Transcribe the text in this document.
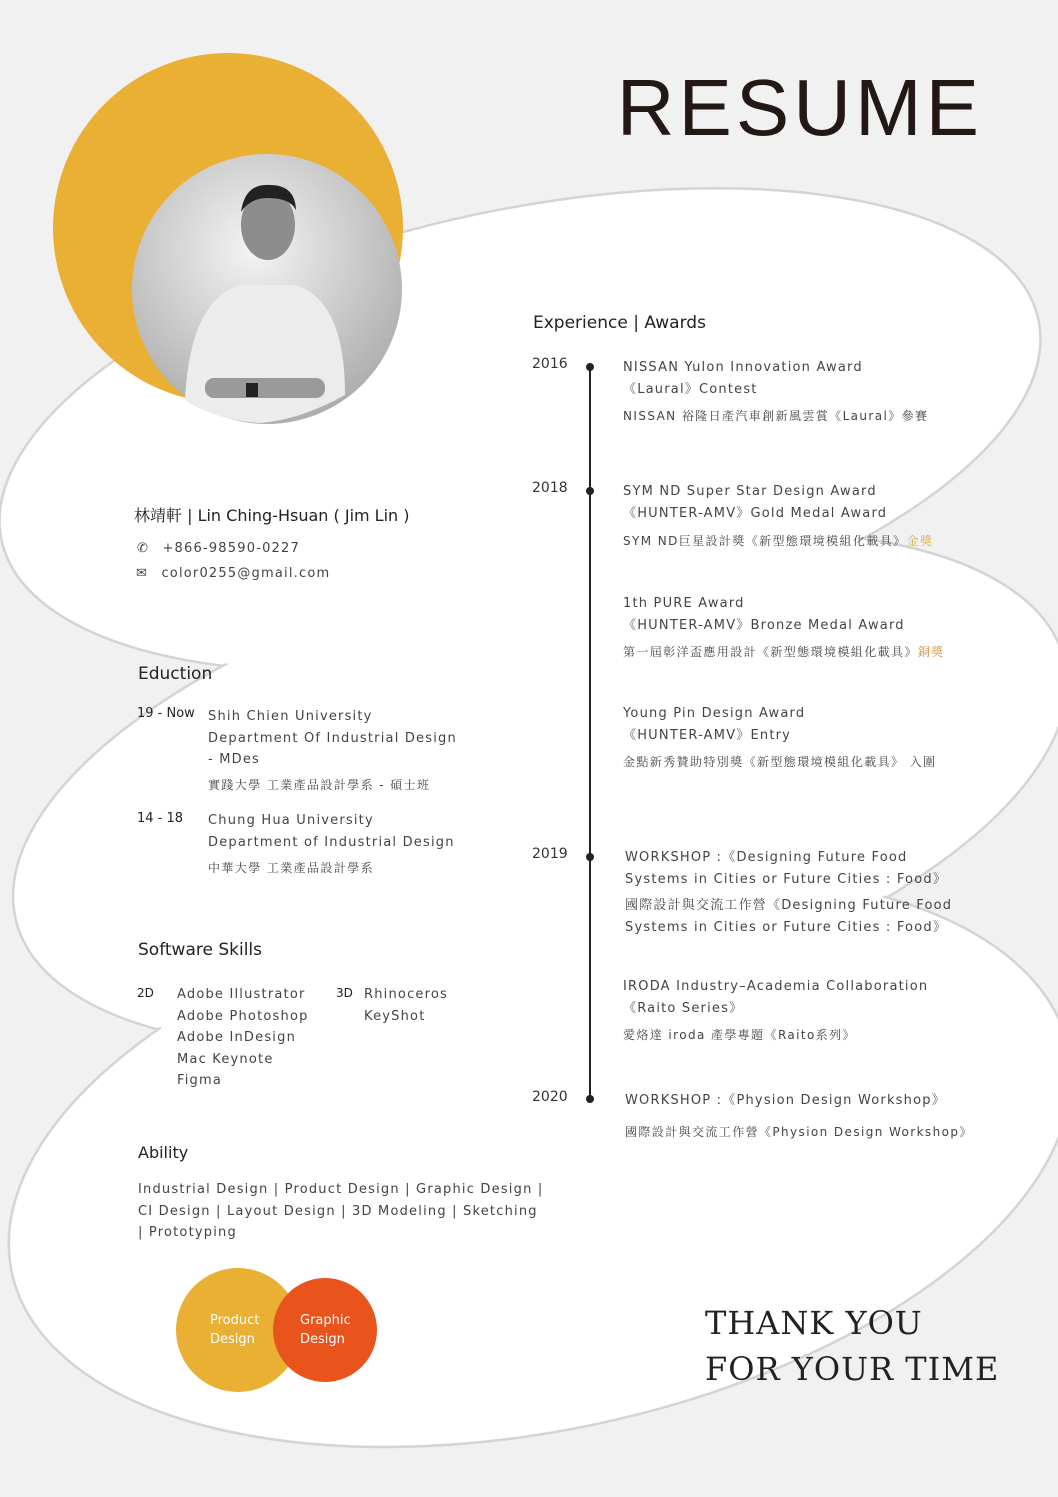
RESUME
林靖軒 | Lin Ching-Hsuan ( Jim Lin )
✆ +866-98590-0227
✉ color0255@gmail.com
Eduction
19 - Now Shih Chien University
Department Of Industrial Design
- MDes
實踐大學 工業產品設計學系 - 碩士班
14 - 18 Chung Hua University
Department of Industrial Design
中華大學 工業產品設計學系
Software Skills
2D Adobe Illustrator
Adobe Photoshop
Adobe InDesign
Mac Keynote
Figma
3D Rhinoceros
KeyShot
Ability
Industrial Design | Product Design | Graphic Design |
CI Design | Layout Design | 3D Modeling | Sketching
| Prototyping
Product
Design
Graphic
Design
Experience | Awards
2016
2018
2019
2020
NISSAN Yulon Innovation Award
《Laural》Contest
NISSAN 裕隆日產汽車創新風雲賞《Laural》參賽
SYM ND Super Star Design Award
《HUNTER-AMV》Gold Medal Award
SYM ND巨星設計獎《新型態環境模組化載具》金獎
1th PURE Award
《HUNTER-AMV》Bronze Medal Award
第一屆彰洋盃應用設計《新型態環境模組化載具》銅獎
Young Pin Design Award
《HUNTER-AMV》Entry
金點新秀贊助特別獎《新型態環境模組化載具》 入圍
WORKSHOP :《Designing Future Food
Systems in Cities or Future Cities : Food》
國際設計與交流工作營《Designing Future Food
Systems in Cities or Future Cities : Food》
IRODA Industry–Academia Collaboration
《Raito Series》
愛烙達 iroda 產學專題《Raito系列》
WORKSHOP :《Physion Design Workshop》
國際設計與交流工作營《Physion Design Workshop》
THANK YOU
FOR YOUR TIME
